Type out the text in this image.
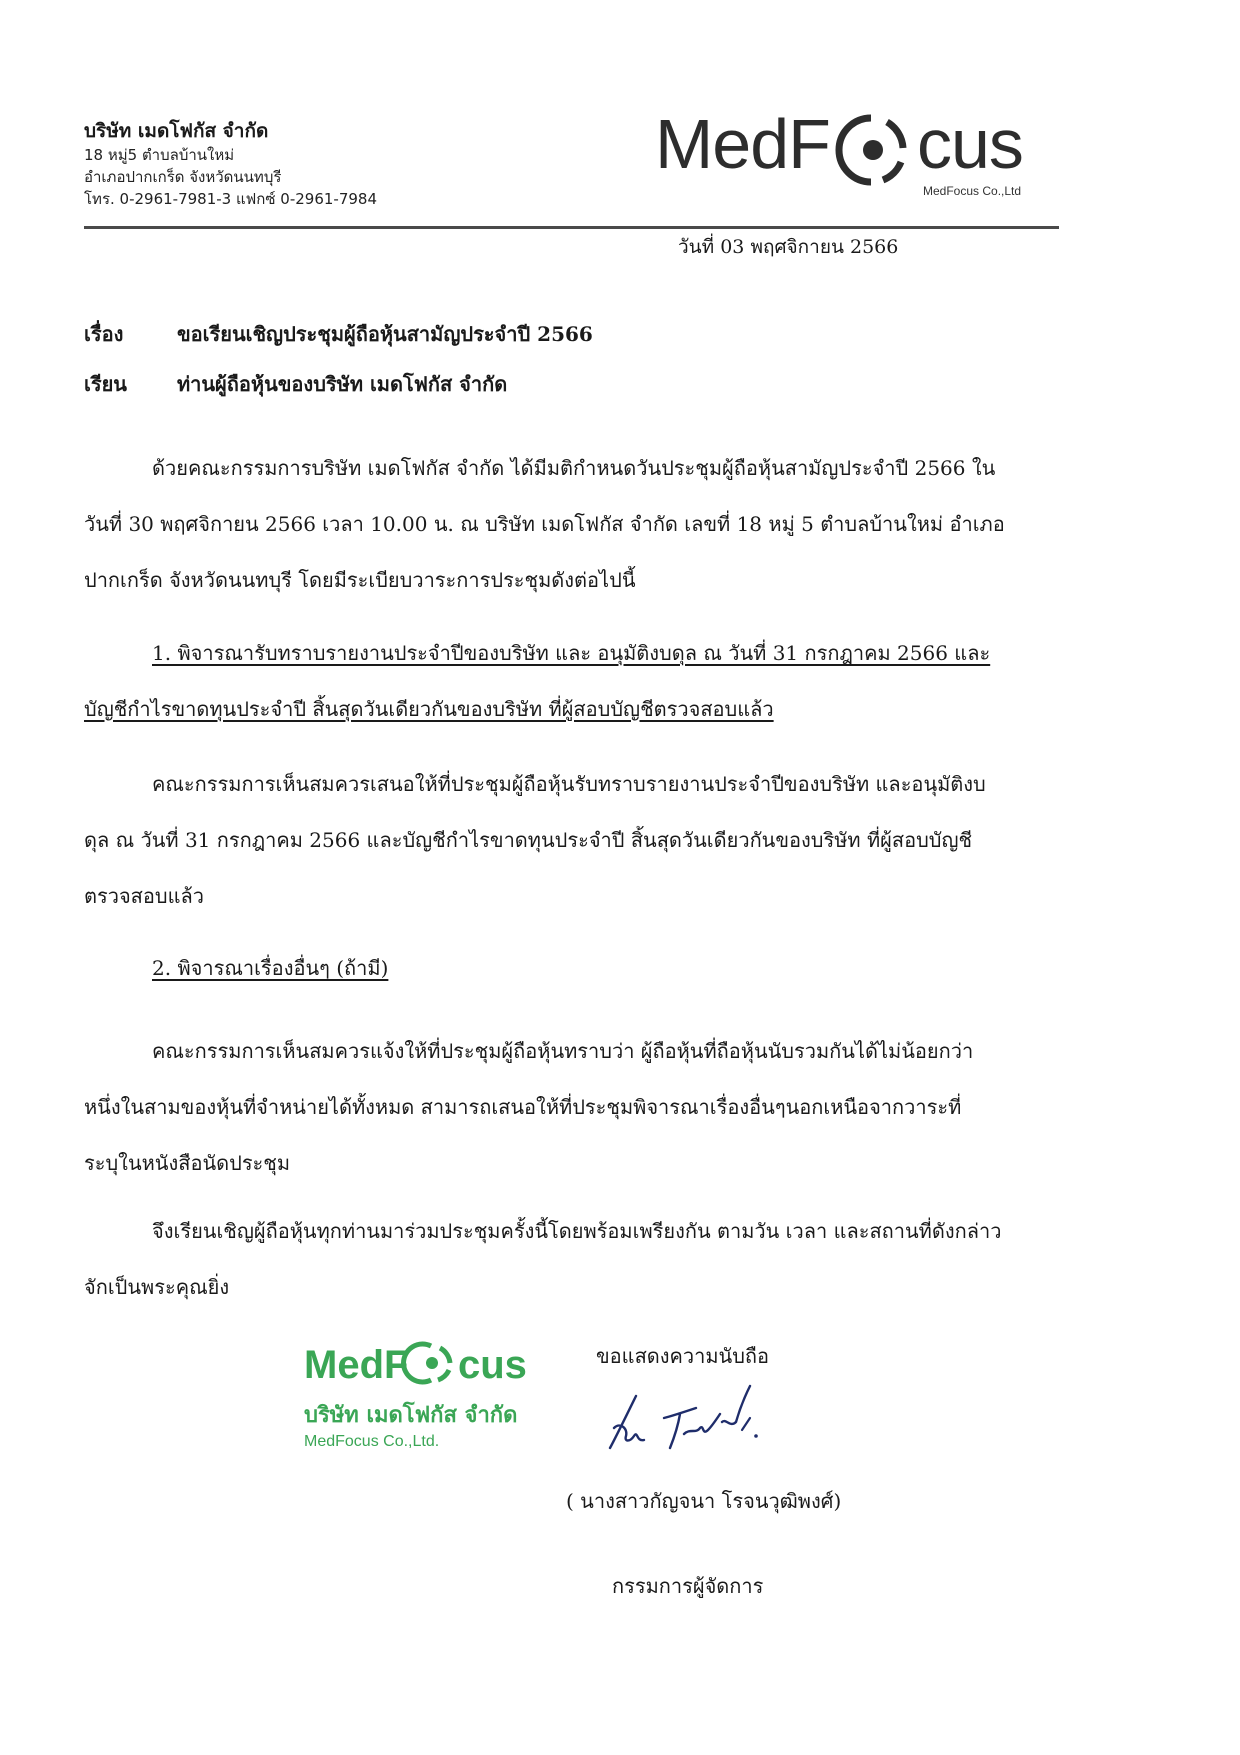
บริษัท เมดโฟกัส จำกัด
18 หมู่5 ตำบลบ้านใหม่
อำเภอปากเกร็ด จังหวัดนนทบุรี
โทร. 0-2961-7981-3 แฟกซ์ 0-2961-7984
MedF cus
MedFocus Co.,Ltd
วันที่ 03 พฤศจิกายน 2566
เรื่อง	ขอเรียนเชิญประชุมผู้ถือหุ้นสามัญประจำปี 2566
เรียน	ท่านผู้ถือหุ้นของบริษัท เมดโฟกัส จำกัด
ด้วยคณะกรรมการบริษัท เมดโฟกัส จำกัด ได้มีมติกำหนดวันประชุมผู้ถือหุ้นสามัญประจำปี 2566 ใน
วันที่ 30 พฤศจิกายน 2566 เวลา 10.00 น. ณ บริษัท เมดโฟกัส จำกัด เลขที่ 18 หมู่ 5 ตำบลบ้านใหม่ อำเภอ
ปากเกร็ด จังหวัดนนทบุรี โดยมีระเบียบวาระการประชุมดังต่อไปนี้
1. พิจารณารับทราบรายงานประจำปีของบริษัท และ อนุมัติงบดุล ณ วันที่ 31 กรกฎาคม 2566 และ
บัญชีกำไรขาดทุนประจำปี สิ้นสุดวันเดียวกันของบริษัท ที่ผู้สอบบัญชีตรวจสอบแล้ว
คณะกรรมการเห็นสมควรเสนอให้ที่ประชุมผู้ถือหุ้นรับทราบรายงานประจำปีของบริษัท และอนุมัติงบ
ดุล ณ วันที่ 31 กรกฎาคม 2566 และบัญชีกำไรขาดทุนประจำปี สิ้นสุดวันเดียวกันของบริษัท ที่ผู้สอบบัญชี
ตรวจสอบแล้ว
2. พิจารณาเรื่องอื่นๆ (ถ้ามี)
คณะกรรมการเห็นสมควรแจ้งให้ที่ประชุมผู้ถือหุ้นทราบว่า ผู้ถือหุ้นที่ถือหุ้นนับรวมกันได้ไม่น้อยกว่า
หนึ่งในสามของหุ้นที่จำหน่ายได้ทั้งหมด สามารถเสนอให้ที่ประชุมพิจารณาเรื่องอื่นๆนอกเหนือจากวาระที่
ระบุในหนังสือนัดประชุม
จึงเรียนเชิญผู้ถือหุ้นทุกท่านมาร่วมประชุมครั้งนี้โดยพร้อมเพรียงกัน ตามวัน เวลา และสถานที่ดังกล่าว
จักเป็นพระคุณยิ่ง
ขอแสดงความนับถือ
MedF cus
บริษัท เมดโฟกัส จำกัด
MedFocus Co.,Ltd.
( นางสาวกัญจนา โรจนวุฒิพงศ์)
กรรมการผู้จัดการ
